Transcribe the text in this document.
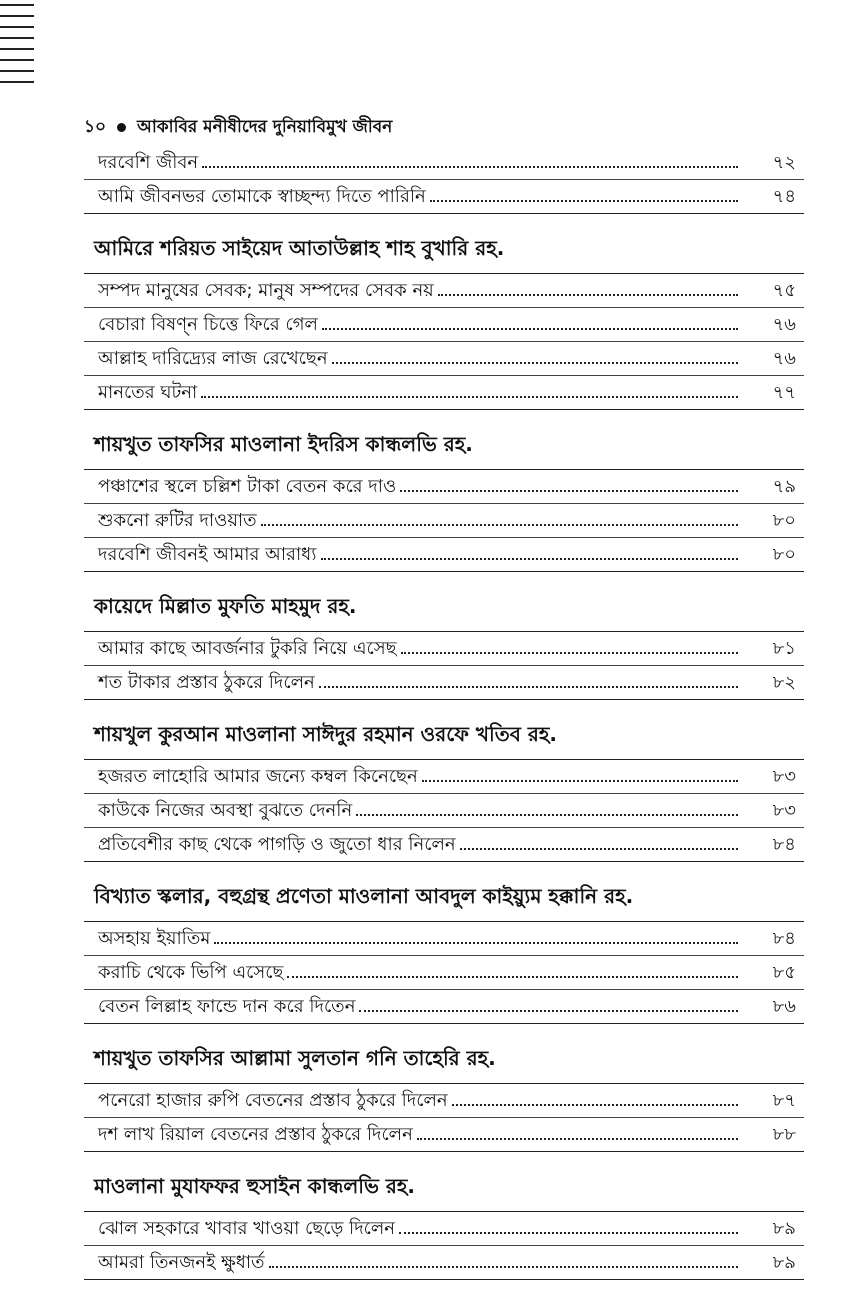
১০ আকাবির মনীষীদের দুনিয়াবিমুখ জীবন
দরবেশি জীবন	৭২
আমি জীবনভর তোমাকে স্বাচ্ছন্দ্য দিতে পারিনি	৭৪
আমিরে শরিয়ত সাইয়েদ আতাউল্লাহ শাহ বুখারি রহ.
সম্পদ মানুষের সেবক; মানুষ সম্পদের সেবক নয়	৭৫
বেচারা বিষণ্ন চিত্তে ফিরে গেল	৭৬
আল্লাহ দারিদ্র্যের লাজ রেখেছেন	৭৬
মানতের ঘটনা	৭৭
শায়খুত তাফসির মাওলানা ইদরিস কান্ধলভি রহ.
পঞ্চাশের স্থলে চল্লিশ টাকা বেতন করে দাও	৭৯
শুকনো রুটির দাওয়াত	৮০
দরবেশি জীবনই আমার আরাধ্য	৮০
কায়েদে মিল্লাত মুফতি মাহমুদ রহ.
আমার কাছে আবর্জনার টুকরি নিয়ে এসেছ	৮১
শত টাকার প্রস্তাব ঠুকরে দিলেন	৮২
শায়খুল কুরআন মাওলানা সাঈদুর রহমান ওরফে খতিব রহ.
হজরত লাহোরি আমার জন্যে কম্বল কিনেছেন	৮৩
কাউকে নিজের অবস্থা বুঝতে দেননি	৮৩
প্রতিবেশীর কাছ থেকে পাগড়ি ও জুতো ধার নিলেন	৮৪
বিখ্যাত স্কলার, বহুগ্রন্থ প্রণেতা মাওলানা আবদুল কাইয়্যুম হক্কানি রহ.
অসহায় ইয়াতিম	৮৪
করাচি থেকে ভিপি এসেছে	৮৫
বেতন লিল্লাহ ফান্ডে দান করে দিতেন	৮৬
শায়খুত তাফসির আল্লামা সুলতান গনি তাহেরি রহ.
পনেরো হাজার রুপি বেতনের প্রস্তাব ঠুকরে দিলেন	৮৭
দশ লাখ রিয়াল বেতনের প্রস্তাব ঠুকরে দিলেন	৮৮
মাওলানা মুযাফফর হুসাইন কান্ধলভি রহ.
ঝোল সহকারে খাবার খাওয়া ছেড়ে দিলেন	৮৯
আমরা তিনজনই ক্ষুধার্ত	৮৯
